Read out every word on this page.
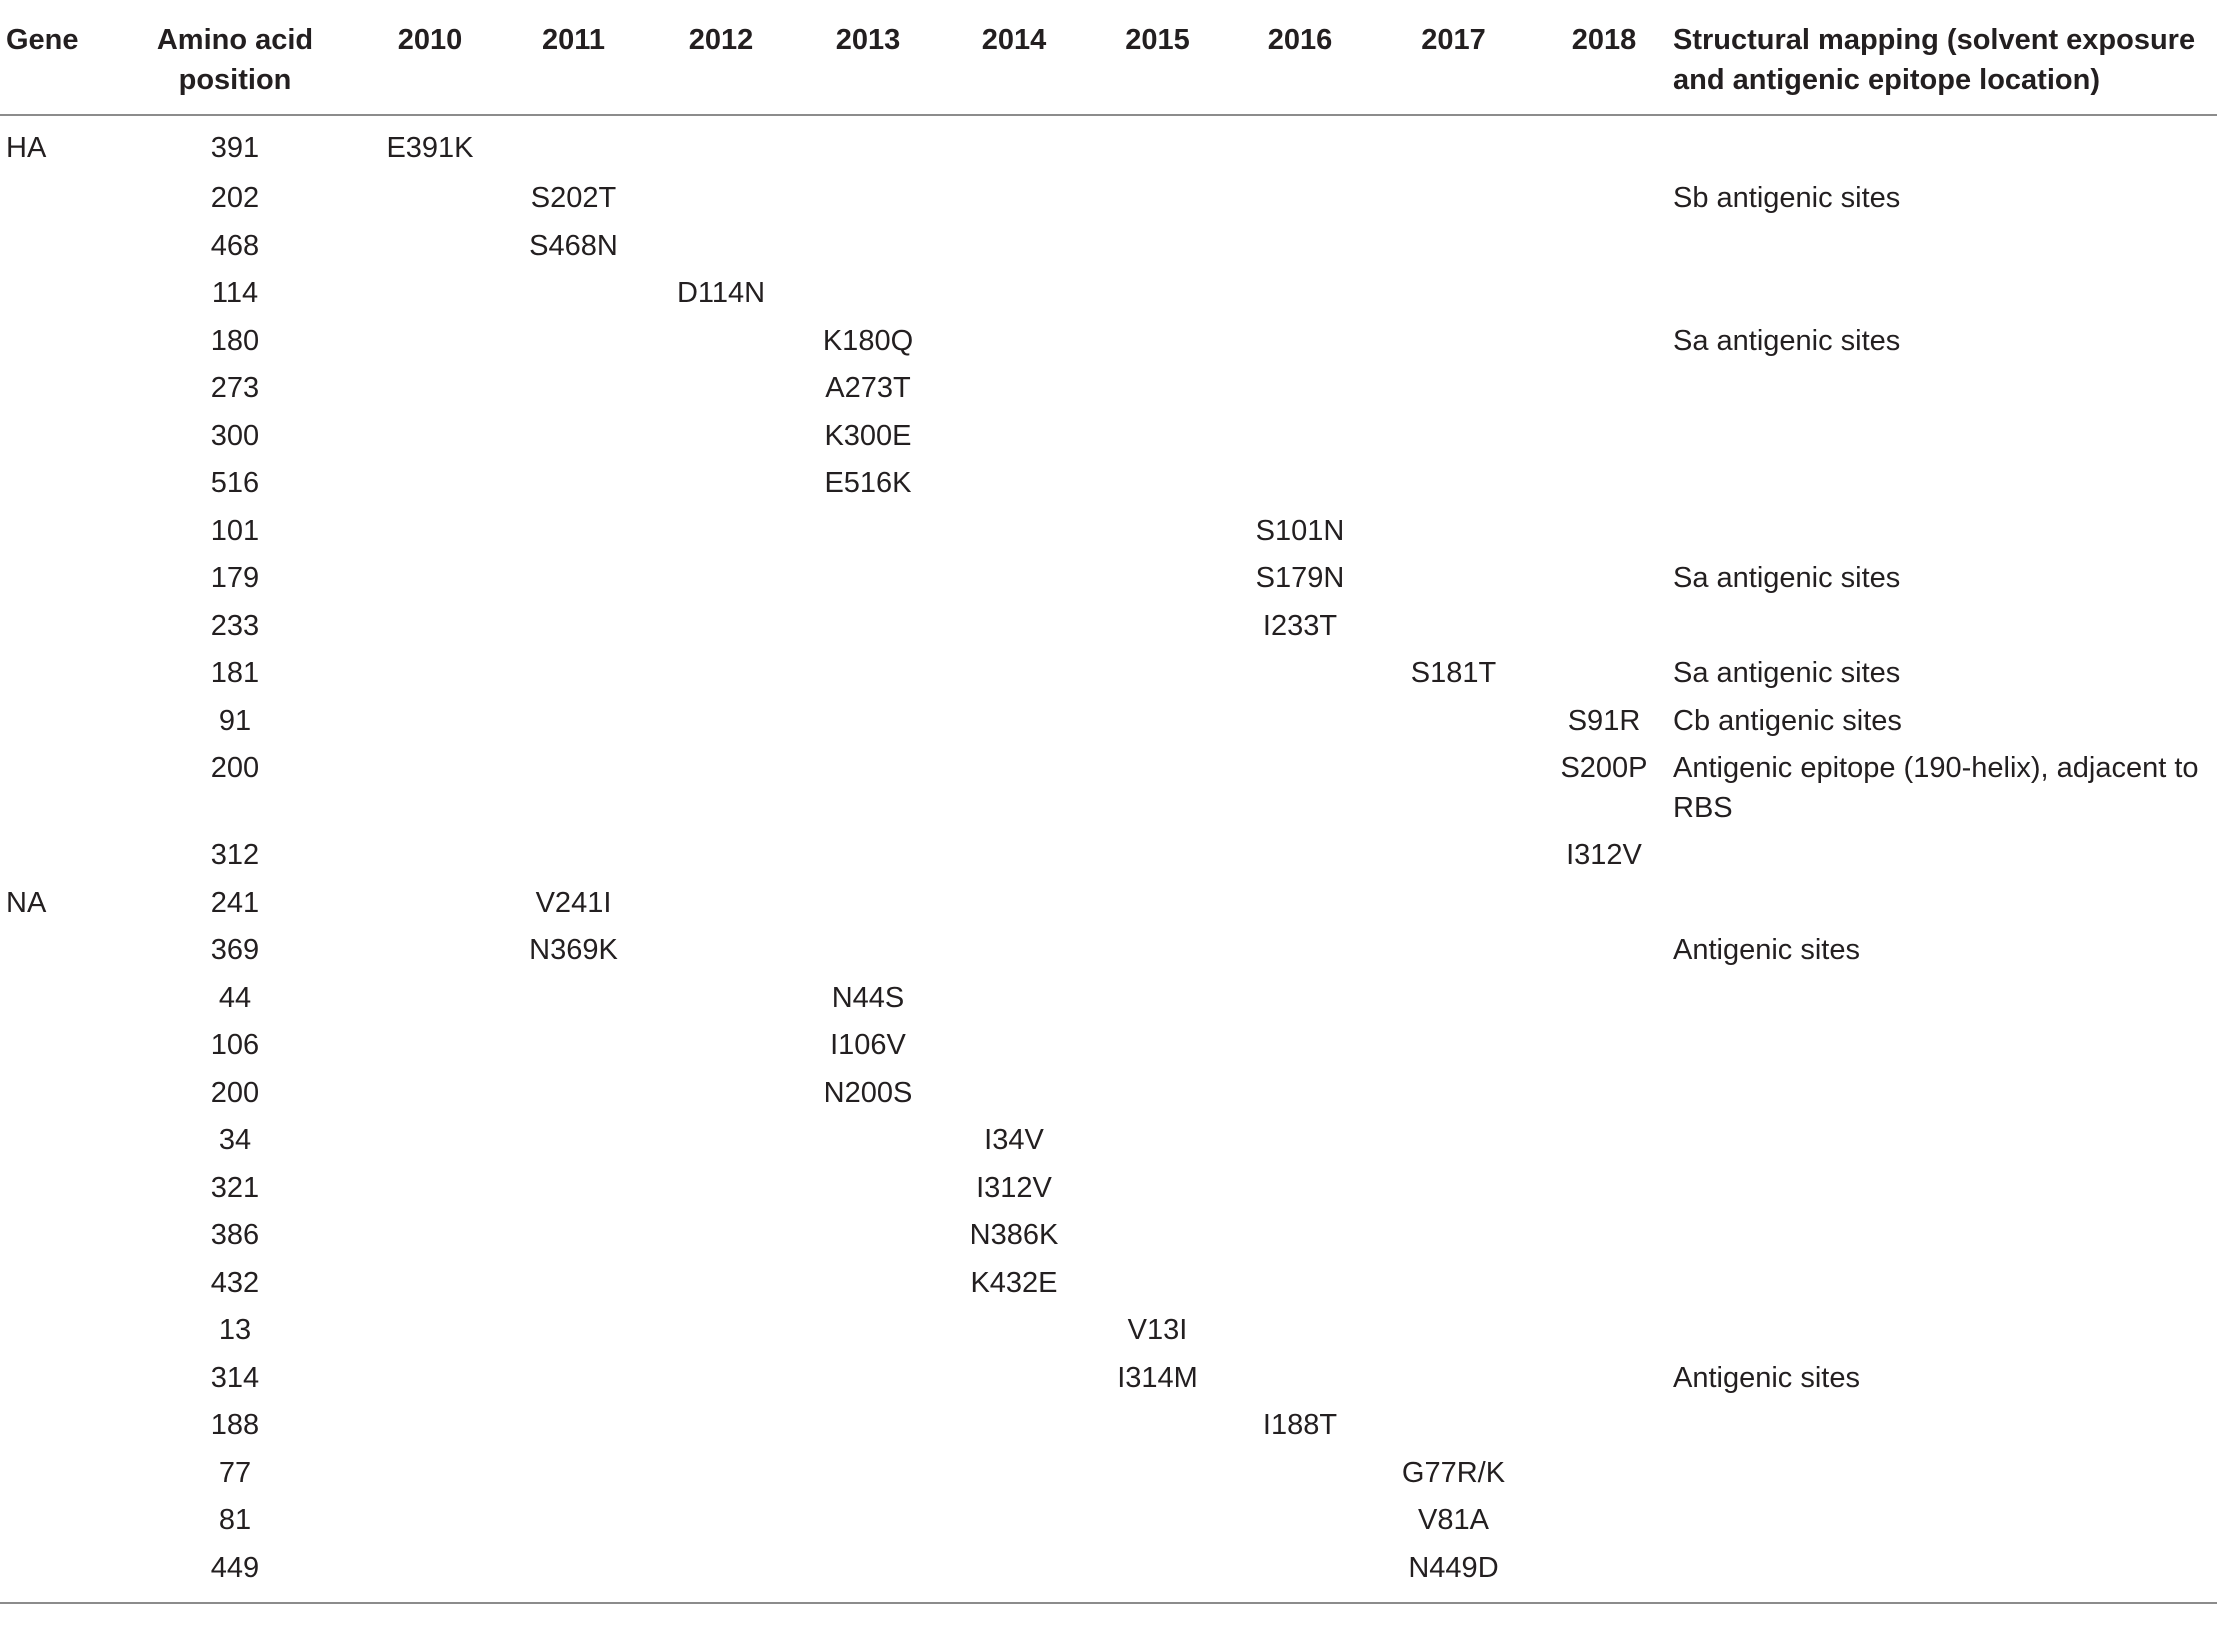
Gene	Amino acid position	2010	2011	2012	2013	2014	2015	2016	2017	2018	Structural mapping (solvent exposure and antigenic epitope location)
HA	391	E391K									
	202		S202T								Sb antigenic sites
	468		S468N								
	114			D114N							
	180				K180Q						Sa antigenic sites
	273				A273T						
	300				K300E						
	516				E516K						
	101							S101N			
	179							S179N			Sa antigenic sites
	233							I233T			
	181								S181T		Sa antigenic sites
	91									S91R	Cb antigenic sites
	200									S200P	Antigenic epitope (190-helix), adjacent to RBS
	312									I312V	
NA	241		V241I								
	369		N369K								Antigenic sites
	44				N44S						
	106				I106V						
	200				N200S						
	34					I34V					
	321					I312V					
	386					N386K					
	432					K432E					
	13						V13I				
	314						I314M				Antigenic sites
	188							I188T			
	77								G77R/K		
	81								V81A		
	449								N449D		
